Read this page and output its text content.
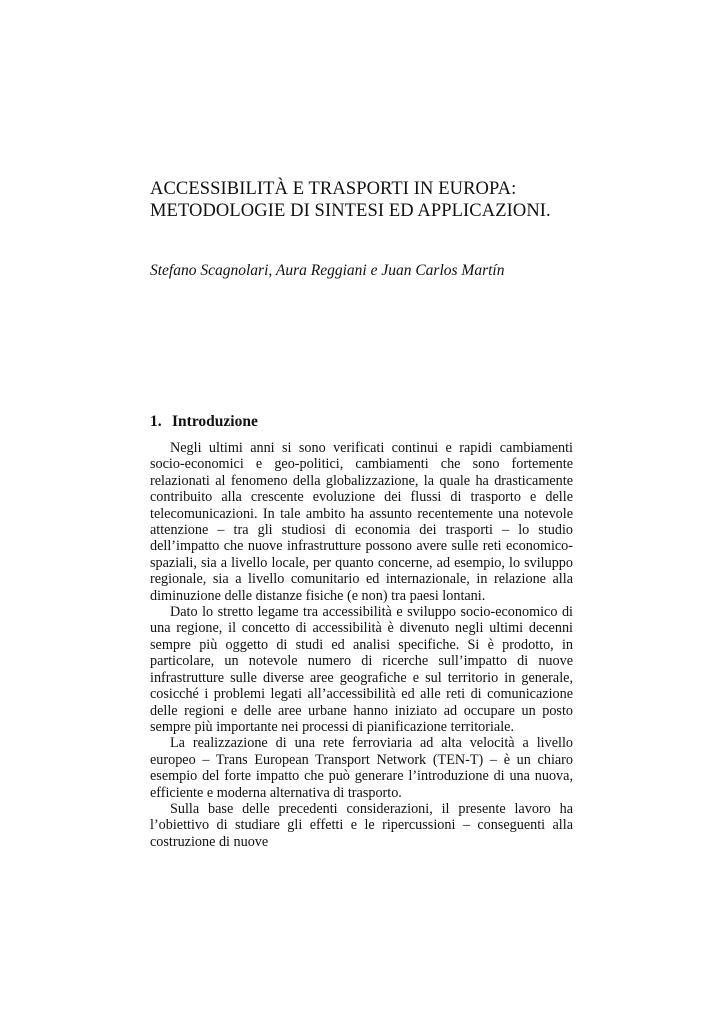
ACCESSIBILITÀ E TRASPORTI IN EUROPA:
METODOLOGIE DI SINTESI ED APPLICAZIONI.
Stefano Scagnolari, Aura Reggiani e Juan Carlos Martín
1. Introduzione

Negli ultimi anni si sono verificati continui e rapidi cambiamenti socio-economici e geo-politici, cambiamenti che sono fortemente relazionati al fenomeno della globalizzazione, la quale ha drasticamente contribuito alla crescente evoluzione dei flussi di trasporto e delle telecomunicazioni. In tale ambito ha assunto recentemente una notevole attenzione – tra gli studiosi di economia dei trasporti – lo studio dell’impatto che nuove infrastrutture possono avere sulle reti economico-spaziali, sia a livello locale, per quanto concerne, ad esempio, lo sviluppo regionale, sia a livello comunitario ed internazionale, in relazione alla diminuzione delle distanze fisiche (e non) tra paesi lontani.

Dato lo stretto legame tra accessibilità e sviluppo socio-economico di una regione, il concetto di accessibilità è divenuto negli ultimi decenni sempre più oggetto di studi ed analisi specifiche. Si è prodotto, in particolare, un notevole numero di ricerche sull’impatto di nuove infrastrutture sulle diverse aree geografiche e sul territorio in generale, cosicché i problemi legati all’accessibilità ed alle reti di comunicazione delle regioni e delle aree urbane hanno iniziato ad occupare un posto sempre più importante nei processi di pianificazione territoriale.

La realizzazione di una rete ferroviaria ad alta velocità a livello europeo – Trans European Transport Network (TEN-T) – è un chiaro esempio del forte impatto che può generare l’introduzione di una nuova, efficiente e moderna alternativa di trasporto.

Sulla base delle precedenti considerazioni, il presente lavoro ha l’obiettivo di studiare gli effetti e le ripercussioni – conseguenti alla costruzione di nuove
